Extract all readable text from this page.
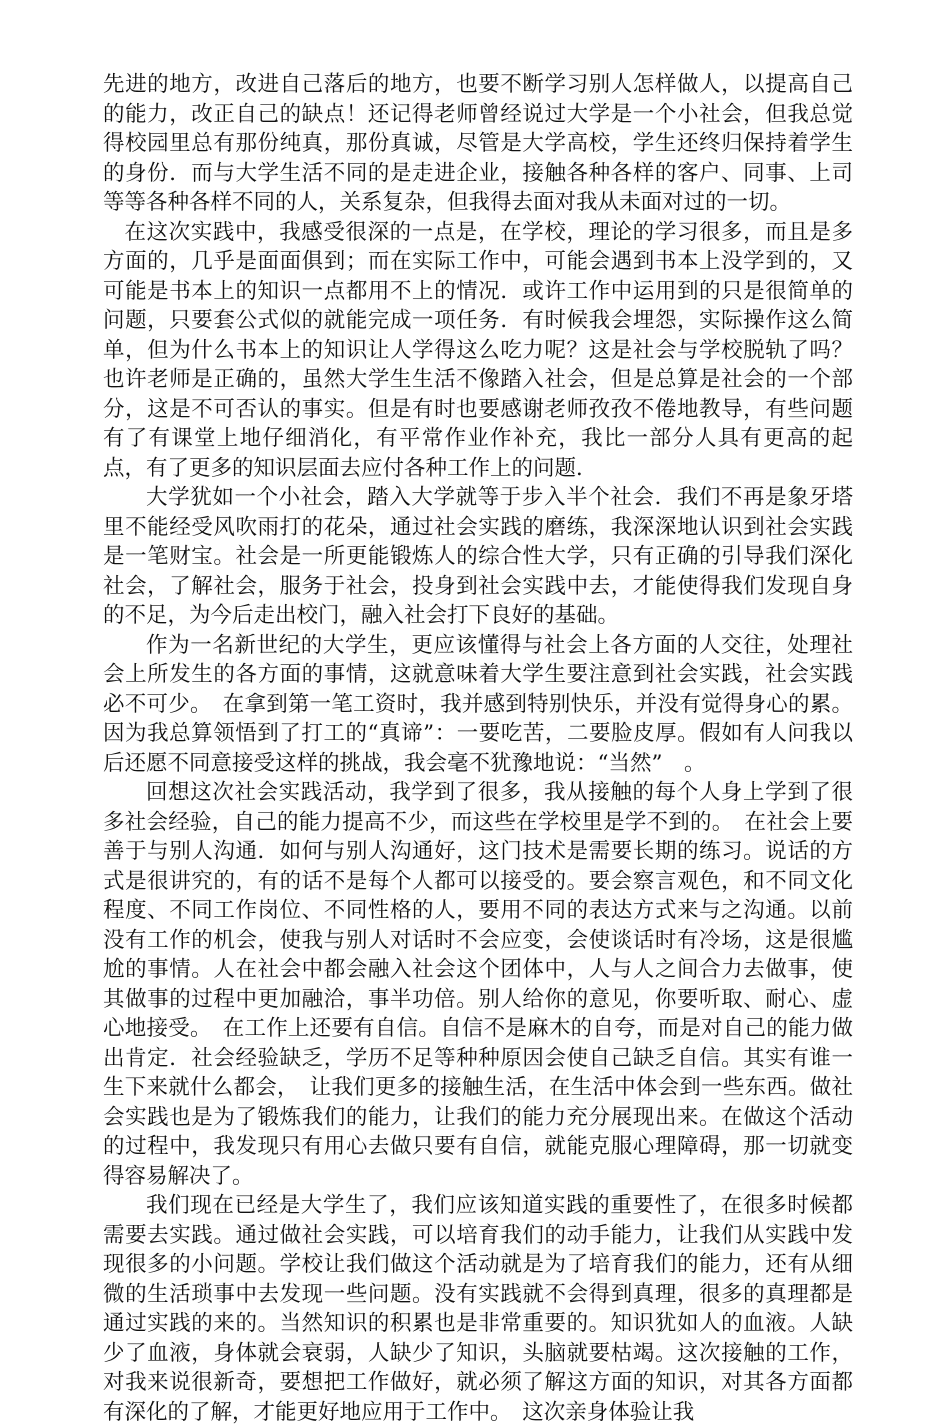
先进的地方，改进自己落后的地方，也要不断学习别人怎样做人，以提高自己的能力，改正自己的缺点！还记得老师曾经说过大学是一个小社会，但我总觉得校园里总有那份纯真，那份真诚，尽管是大学高校，学生还终归保持着学生的身份．而与大学生活不同的是走进企业，接触各种各样的客户、同事、上司等等各种各样不同的人，关系复杂，但我得去面对我从未面对过的一切。

在这次实践中，我感受很深的一点是，在学校，理论的学习很多，而且是多方面的，几乎是面面俱到；而在实际工作中，可能会遇到书本上没学到的，又可能是书本上的知识一点都用不上的情况．或许工作中运用到的只是很简单的问题，只要套公式似的就能完成一项任务．有时候我会埋怨，实际操作这么简单，但为什么书本上的知识让人学得这么吃力呢？这是社会与学校脱轨了吗？也许老师是正确的，虽然大学生生活不像踏入社会，但是总算是社会的一个部分，这是不可否认的事实。但是有时也要感谢老师孜孜不倦地教导，有些问题有了有课堂上地仔细消化，有平常作业作补充，我比一部分人具有更高的起点，有了更多的知识层面去应付各种工作上的问题．

大学犹如一个小社会，踏入大学就等于步入半个社会．我们不再是象牙塔里不能经受风吹雨打的花朵，通过社会实践的磨练，我深深地认识到社会实践是一笔财宝。社会是一所更能锻炼人的综合性大学，只有正确的引导我们深化社会，了解社会，服务于社会，投身到社会实践中去，才能使得我们发现自身的不足，为今后走出校门，融入社会打下良好的基础。

作为一名新世纪的大学生，更应该懂得与社会上各方面的人交往，处理社会上所发生的各方面的事情，这就意味着大学生要注意到社会实践，社会实践必不可少。　在拿到第一笔工资时，我并感到特别快乐，并没有觉得身心的累。因为我总算领悟到了打工的“真谛”：一要吃苦，二要脸皮厚。假如有人问我以后还愿不同意接受这样的挑战，我会毫不犹豫地说：“当然”　。

回想这次社会实践活动，我学到了很多，我从接触的每个人身上学到了很多社会经验，自己的能力提高不少，而这些在学校里是学不到的。　在社会上要善于与别人沟通．如何与别人沟通好，这门技术是需要长期的练习。说话的方式是很讲究的，有的话不是每个人都可以接受的。要会察言观色，和不同文化程度、不同工作岗位、不同性格的人，要用不同的表达方式来与之沟通。以前没有工作的机会，使我与别人对话时不会应变，会使谈话时有冷场，这是很尴尬的事情。人在社会中都会融入社会这个团体中，人与人之间合力去做事，使其做事的过程中更加融洽，事半功倍。别人给你的意见，你要听取、耐心、虚心地接受。　在工作上还要有自信。自信不是麻木的自夸，而是对自己的能力做出肯定．社会经验缺乏，学历不足等种种原因会使自己缺乏自信。其实有谁一生下来就什么都会，　让我们更多的接触生活，在生活中体会到一些东西。做社会实践也是为了锻炼我们的能力，让我们的能力充分展现出来。在做这个活动的过程中，我发现只有用心去做只要有自信，就能克服心理障碍，那一切就变得容易解决了。

我们现在已经是大学生了，我们应该知道实践的重要性了，在很多时候都需要去实践。通过做社会实践，可以培育我们的动手能力，让我们从实践中发现很多的小问题。学校让我们做这个活动就是为了培育我们的能力，还有从细微的生活琐事中去发现一些问题。没有实践就不会得到真理，很多的真理都是通过实践的来的。当然知识的积累也是非常重要的。知识犹如人的血液。人缺少了血液，身体就会衰弱，人缺少了知识，头脑就要枯竭。这次接触的工作，对我来说很新奇，要想把工作做好，就必须了解这方面的知识，对其各方面都有深化的了解，才能更好地应用于工作中。　这次亲身体验让我
